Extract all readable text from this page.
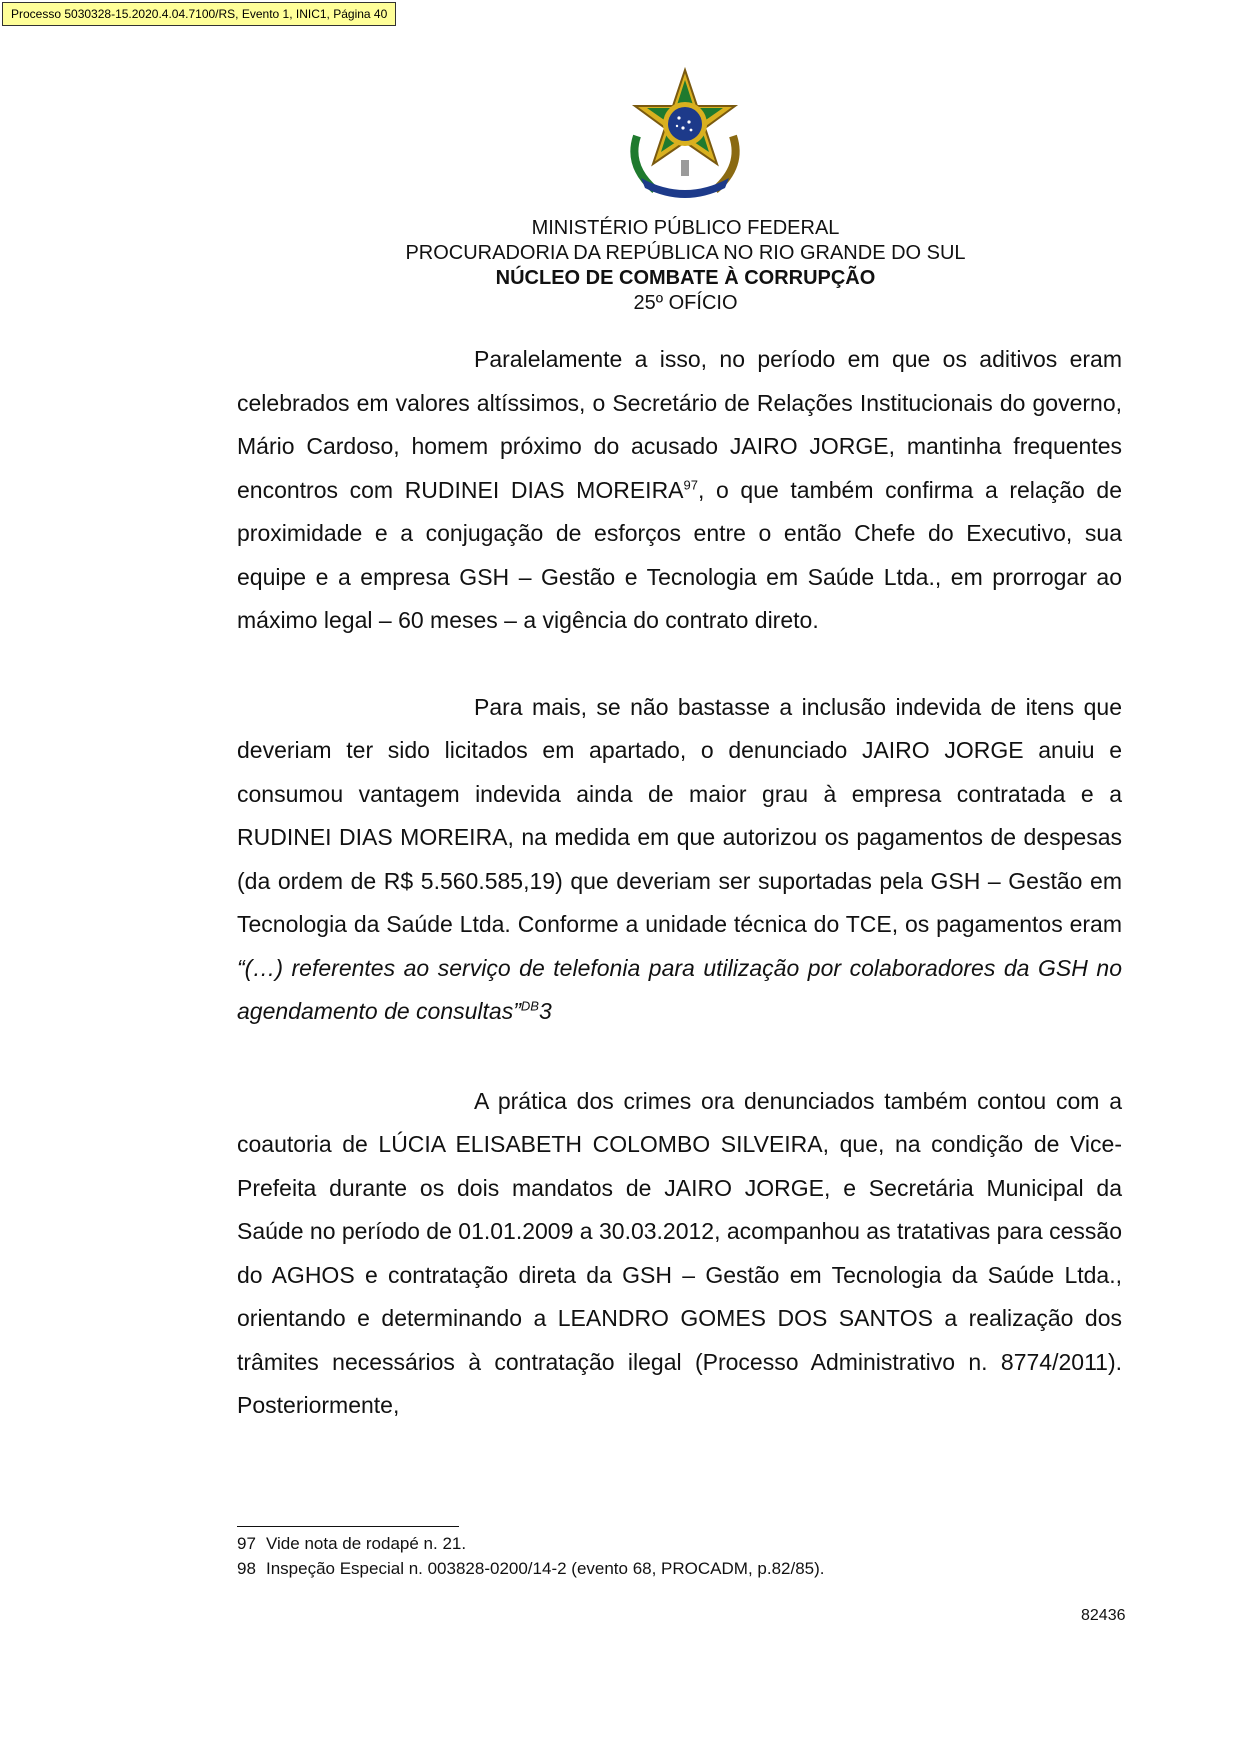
Processo 5030328-15.2020.4.04.7100/RS, Evento 1, INIC1, Página 40
MINISTÉRIO PÚBLICO FEDERAL
PROCURADORIA DA REPÚBLICA NO RIO GRANDE DO SUL
NÚCLEO DE COMBATE À CORRUPÇÃO
25º OFÍCIO

Paralelamente a isso, no período em que os aditivos eram celebrados em valores altíssimos, o Secretário de Relações Institucionais do governo, Mário Cardoso, homem próximo do acusado JAIRO JORGE, mantinha frequentes encontros com RUDINEI DIAS MOREIRA$^{97}$, o que também confirma a relação de proximidade e a conjugação de esforços entre o então Chefe do Executivo, sua equipe e a empresa GSH – Gestão e Tecnologia em Saúde Ltda., em prorrogar ao máximo legal – 60 meses – a vigência do contrato direto.

Para mais, se não bastasse a inclusão indevida de itens que deveriam ter sido licitados em apartado, o denunciado JAIRO JORGE anuiu e consumou vantagem indevida ainda de maior grau à empresa contratada e a RUDINEI DIAS MOREIRA, na medida em que autorizou os pagamentos de despesas (da ordem de R$ 5.560.585,19) que deveriam ser suportadas pela GSH – Gestão em Tecnologia da Saúde Ltda. Conforme a unidade técnica do TCE, os pagamentos eram “(…) referentes ao serviço de telefonia para utilização por colaboradores da GSH no agendamento de consultas”$^{DB}$3

A prática dos crimes ora denunciados também contou com a coautoria de LÚCIA ELISABETH COLOMBO SILVEIRA, que, na condição de Vice-Prefeita durante os dois mandatos de JAIRO JORGE, e Secretária Municipal da Saúde no período de 01.01.2009 a 30.03.2012, acompanhou as tratativas para cessão do AGHOS e contratação direta da GSH – Gestão em Tecnologia da Saúde Ltda., orientando e determinando a LEANDRO GOMES DOS SANTOS a realização dos trâmites necessários à contratação ilegal (Processo Administrativo n. 8774/2011). Posteriormente,

97 Vide nota de rodapé n. 21.
98 Inspeção Especial n. 003828-0200/14-2 (evento 68, PROCADM, p.82/85).
82436
